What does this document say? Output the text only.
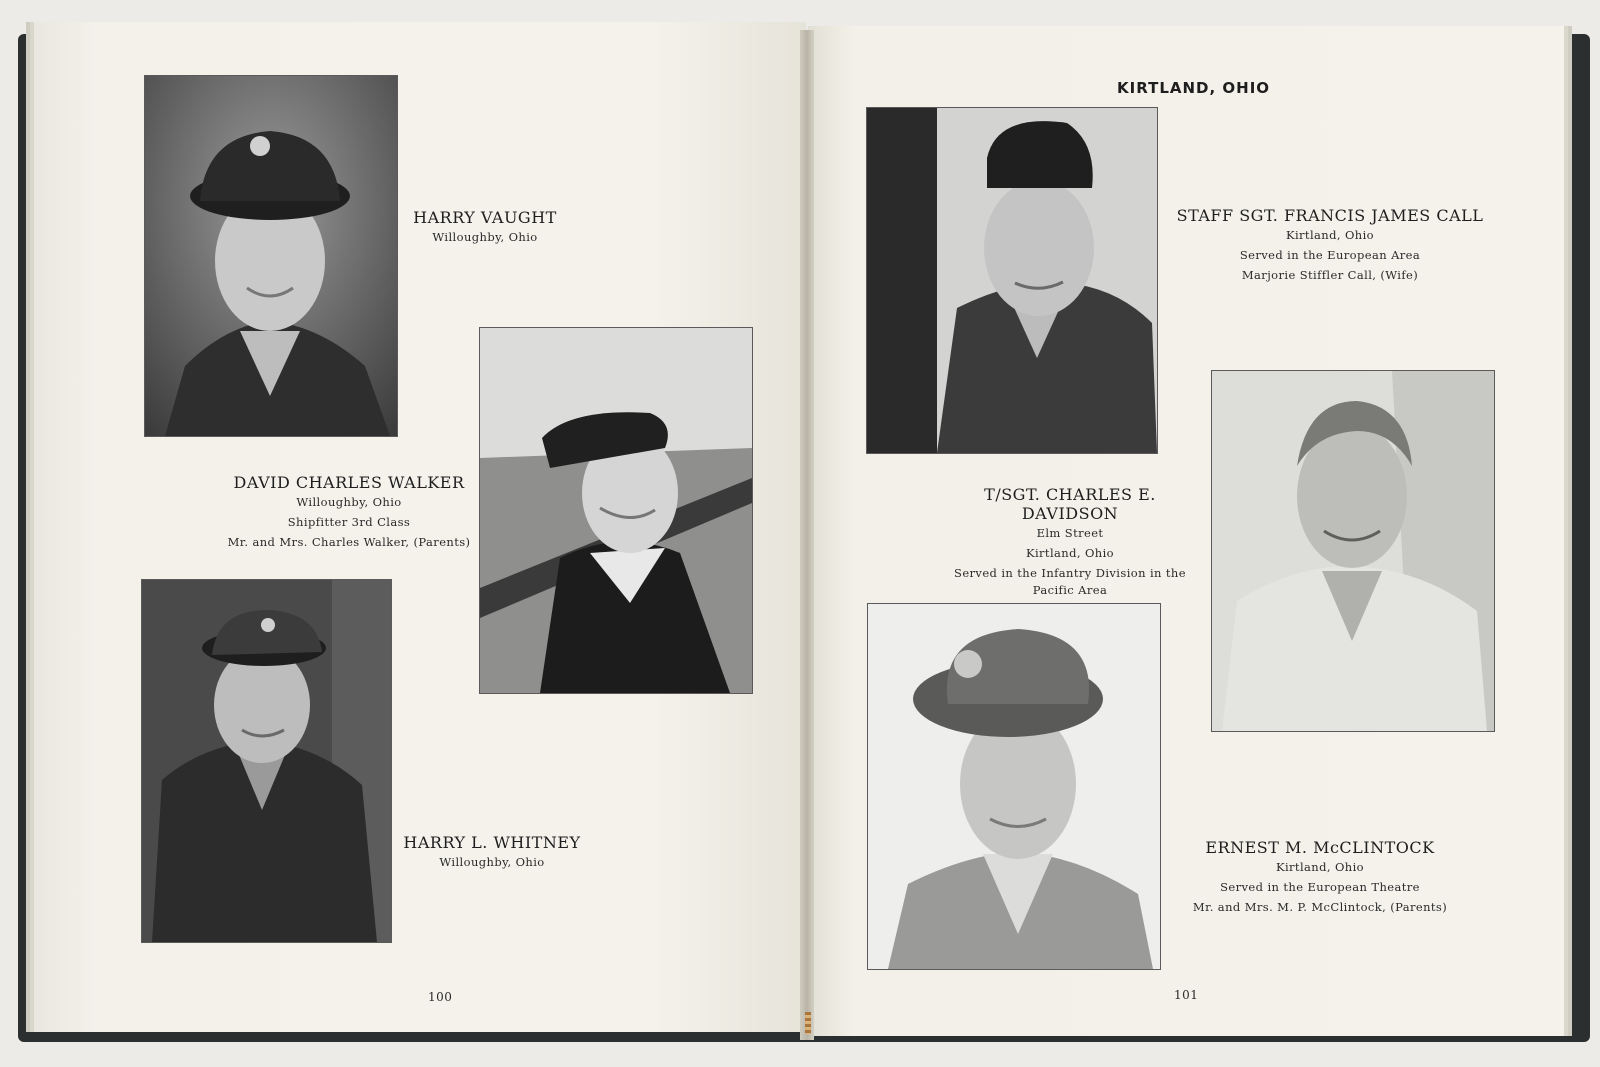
HARRY VAUGHT
Willoughby, Ohio
DAVID CHARLES WALKER
Willoughby, Ohio
Shipfitter 3rd Class
Mr. and Mrs. Charles Walker, (Parents)
HARRY L. WHITNEY
Willoughby, Ohio
100
KIRTLAND, OHIO
STAFF SGT. FRANCIS JAMES CALL
Kirtland, Ohio
Served in the European Area
Marjorie Stiffler Call, (Wife)
T/SGT. CHARLES E. DAVIDSON
Elm Street
Kirtland, Ohio
Served in the Infantry Division in the
Pacific Area
ERNEST M. McCLINTOCK
Kirtland, Ohio
Served in the European Theatre
Mr. and Mrs. M. P. McClintock, (Parents)
101
